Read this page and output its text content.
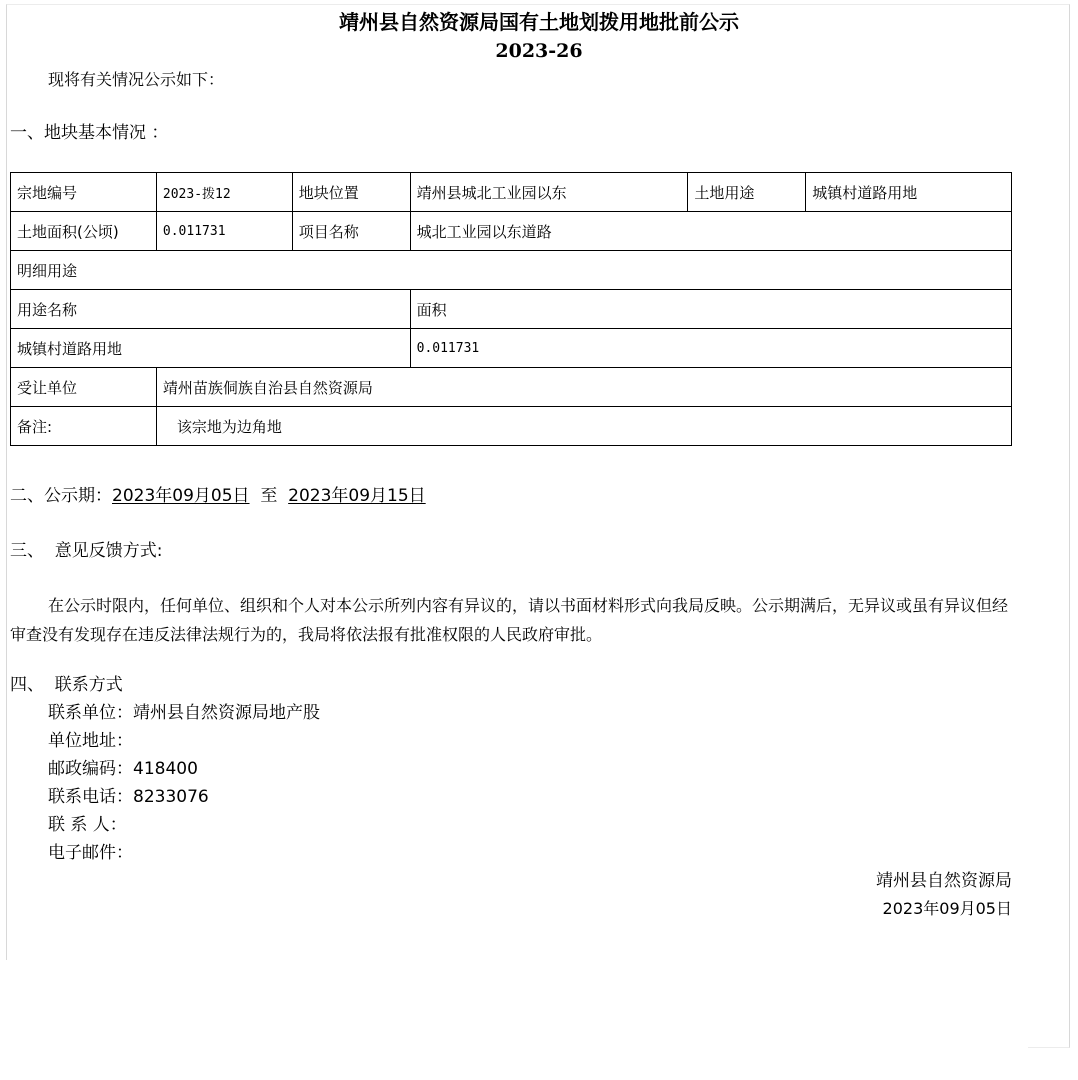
靖州县自然资源局国有土地划拨用地批前公示
2023-26
现将有关情况公示如下：
一、地块基本情况 ：
宗地编号	2023-拨12	地块位置	靖州县城北工业园以东	土地用途	城镇村道路用地
土地面积(公顷)	0.011731	项目名称	城北工业园以东道路		
明细用途					
用途名称			面积		
城镇村道路用地			0.011731		
受让单位	靖州苗族侗族自治县自然资源局				
备注:	该宗地为边角地				
二、公示期：2023年09月05日 至 2023年09月15日
三、  意见反馈方式:

在公示时限内，任何单位、组织和个人对本公示所列内容有异议的，请以书面材料形式向我局反映。公示期满后，无异议或虽有异议但经审查没有发现存在违反法律法规行为的，我局将依法报有批准权限的人民政府审批。

四、  联系方式
联系单位：靖州县自然资源局地产股
单位地址：
邮政编码：418400
联系电话：8233076
联 系 人：
电子邮件：
靖州县自然资源局
2023年09月05日
